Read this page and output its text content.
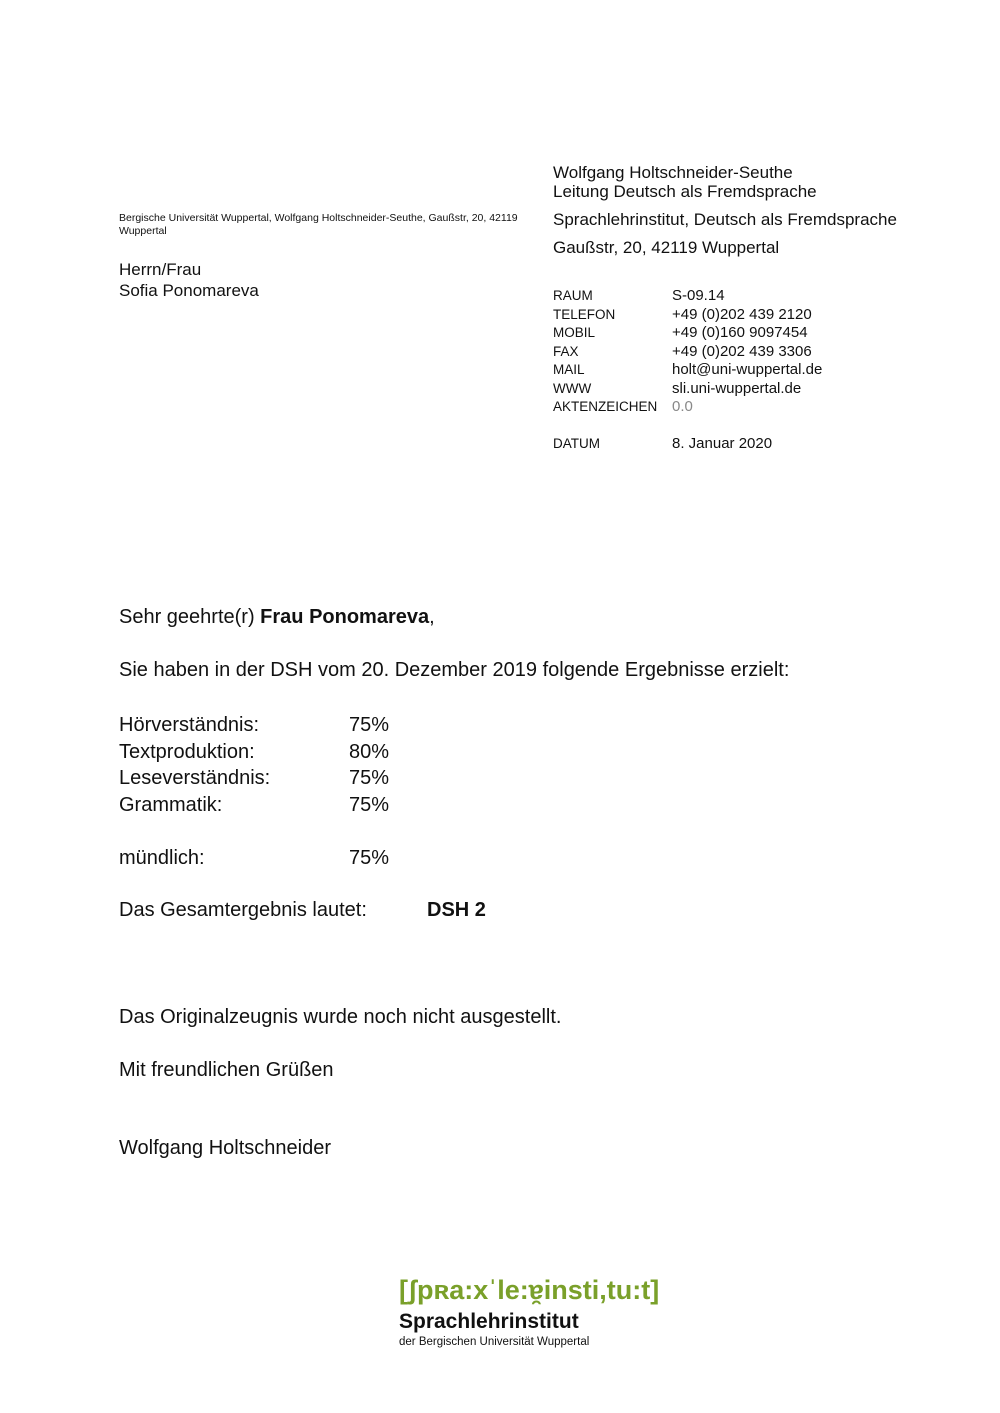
Bergische Universität Wuppertal, Wolfgang Holtschneider-Seuthe, Gaußstr, 20, 42119 Wuppertal
Herrn/Frau
Sofia Ponomareva
Wolfgang Holtschneider-Seuthe
Leitung Deutsch als Fremdsprache
Sprachlehrinstitut, Deutsch als Fremdsprache
Gaußstr, 20, 42119 Wuppertal
RAUM	S-09.14
TELEFON	+49 (0)202 439 2120
MOBIL	+49 (0)160 9097454
FAX	+49 (0)202 439 3306
MAIL	holt@uni-wuppertal.de
WWW	sli.uni-wuppertal.de
AKTENZEICHEN 0.0
DATUM	8. Januar 2020
Sehr geehrte(r) Frau Ponomareva,
Sie haben in der DSH vom 20. Dezember 2019 folgende Ergebnisse erzielt:
Hörverständnis:	75%
Textproduktion:	80%
Leseverständnis:	75%
Grammatik:	75%
mündlich:	75%
Das Gesamtergebnis lautet:	DSH 2
Das Originalzeugnis wurde noch nicht ausgestellt.
Mit freundlichen Grüßen
Wolfgang Holtschneider
[ʃpʀa:xˈle:ɐ̯insti,tu:t]
Sprachlehrinstitut
der Bergischen Universität Wuppertal
